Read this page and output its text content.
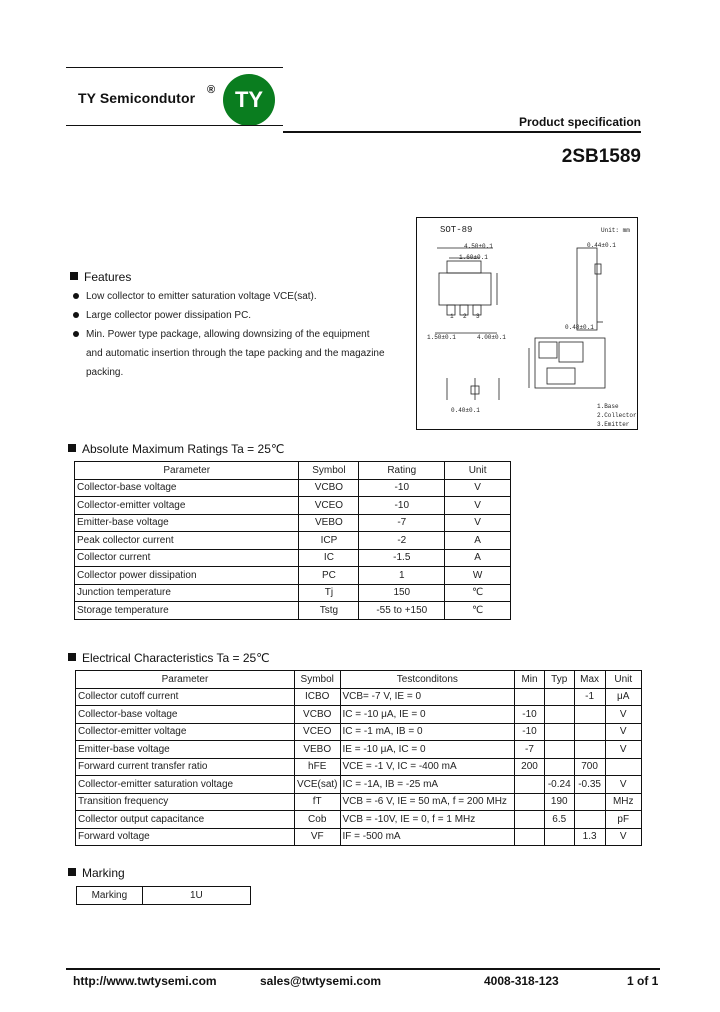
TY Semicondutor ® TY
Product specification
2SB1589
SOT-89	Unit: mm
4.50±0.1
1.60±0.1
1.50±0.1	4.00±0.1
0.44±0.1
0.48±0.1
0.40±0.1
1 2 3
1.Base
2.Collector
3.Emitter
Features
Low collector to emitter saturation voltage VCE(sat).
Large collector power dissipation PC.
Min. Power type package, allowing downsizing of the equipment
and automatic insertion through the tape packing and the magazine
packing.
Absolute Maximum Ratings Ta = 25℃
Parameter	Symbol	Rating	Unit
Collector-base voltage	VCBO	-10	V
Collector-emitter voltage	VCEO	-10	V
Emitter-base voltage	VEBO	-7	V
Peak collector current	ICP	-2	A
Collector current	IC	-1.5	A
Collector power dissipation	PC	1	W
Junction temperature	Tj	150	℃
Storage temperature	Tstg	-55 to +150	℃
Electrical Characteristics Ta = 25℃
Parameter	Symbol	Testconditons	Min	Typ	Max	Unit
Collector cutoff current	ICBO	VCB= -7 V, IE = 0			-1	μA
Collector-base voltage	VCBO	IC = -10 μA, IE = 0	-10			V
Collector-emitter voltage	VCEO	IC = -1 mA, IB = 0	-10			V
Emitter-base voltage	VEBO	IE = -10 μA, IC = 0	-7			V
Forward current transfer ratio	hFE	VCE = -1 V, IC = -400 mA	200		700	
Collector-emitter saturation voltage	VCE(sat)	IC = -1A, IB = -25 mA		-0.24	-0.35	V
Transition frequency	fT	VCB = -6 V, IE = 50 mA, f = 200 MHz		190		MHz
Collector output capacitance	Cob	VCB = -10V, IE = 0, f = 1 MHz		6.5		pF
Forward voltage	VF	IF = -500 mA			1.3	V
Marking
Marking	1U
http://www.twtysemi.com	sales@twtysemi.com	4008-318-123	1 of 1
